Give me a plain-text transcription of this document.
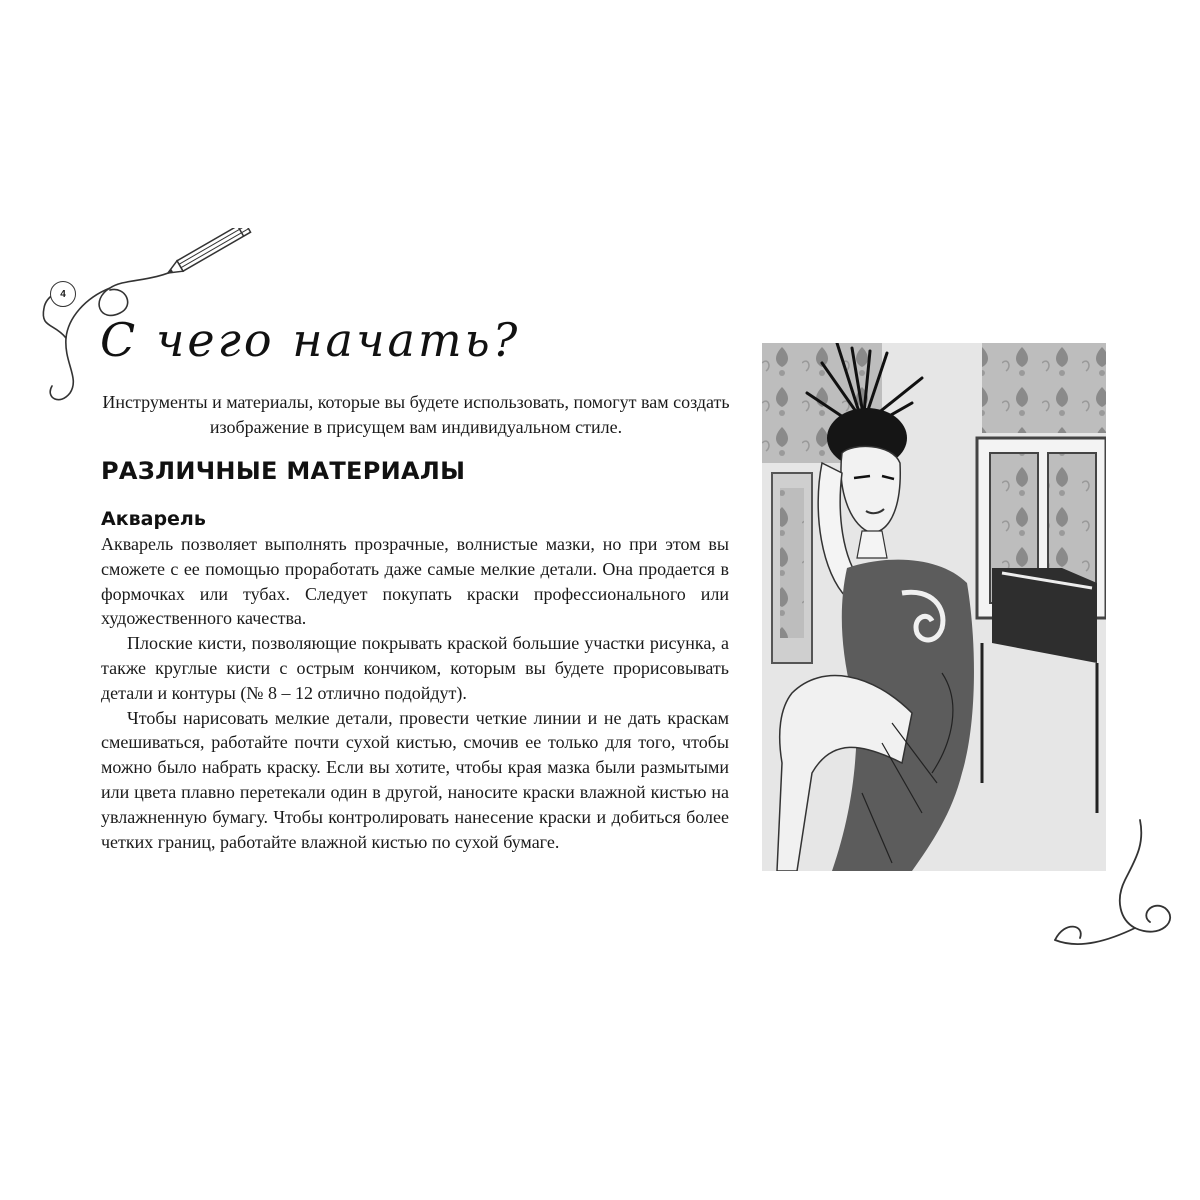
4
С чего начать?

Инструменты и материалы, которые вы будете использовать, помогут вам создать изображение в присущем вам индивидуальном стиле.

РАЗЛИЧНЫЕ МАТЕРИАЛЫ
Акварель

Акварель позволяет выполнять прозрачные, волнистые мазки, но при этом вы сможете с ее помощью проработать даже самые мелкие детали. Она продается в формочках или тубах. Следует покупать краски профессионального или художественного качества.

Плоские кисти, позволяющие покрывать краской большие участки рисунка, а также круглые кисти с острым кончиком, которым вы будете прорисовывать детали и контуры (№ 8 – 12 отлично подойдут).

Чтобы нарисовать мелкие детали, провести четкие линии и не дать краскам смешиваться, работайте почти сухой кистью, смочив ее только для того, чтобы можно было набрать краску. Если вы хотите, чтобы края мазка были размытыми или цвета плавно перетекали один в другой, наносите краски влажной кистью на увлажненную бумагу. Чтобы контролировать нанесение краски и добиться более четких границ, работайте влажной кистью по сухой бумаге.
